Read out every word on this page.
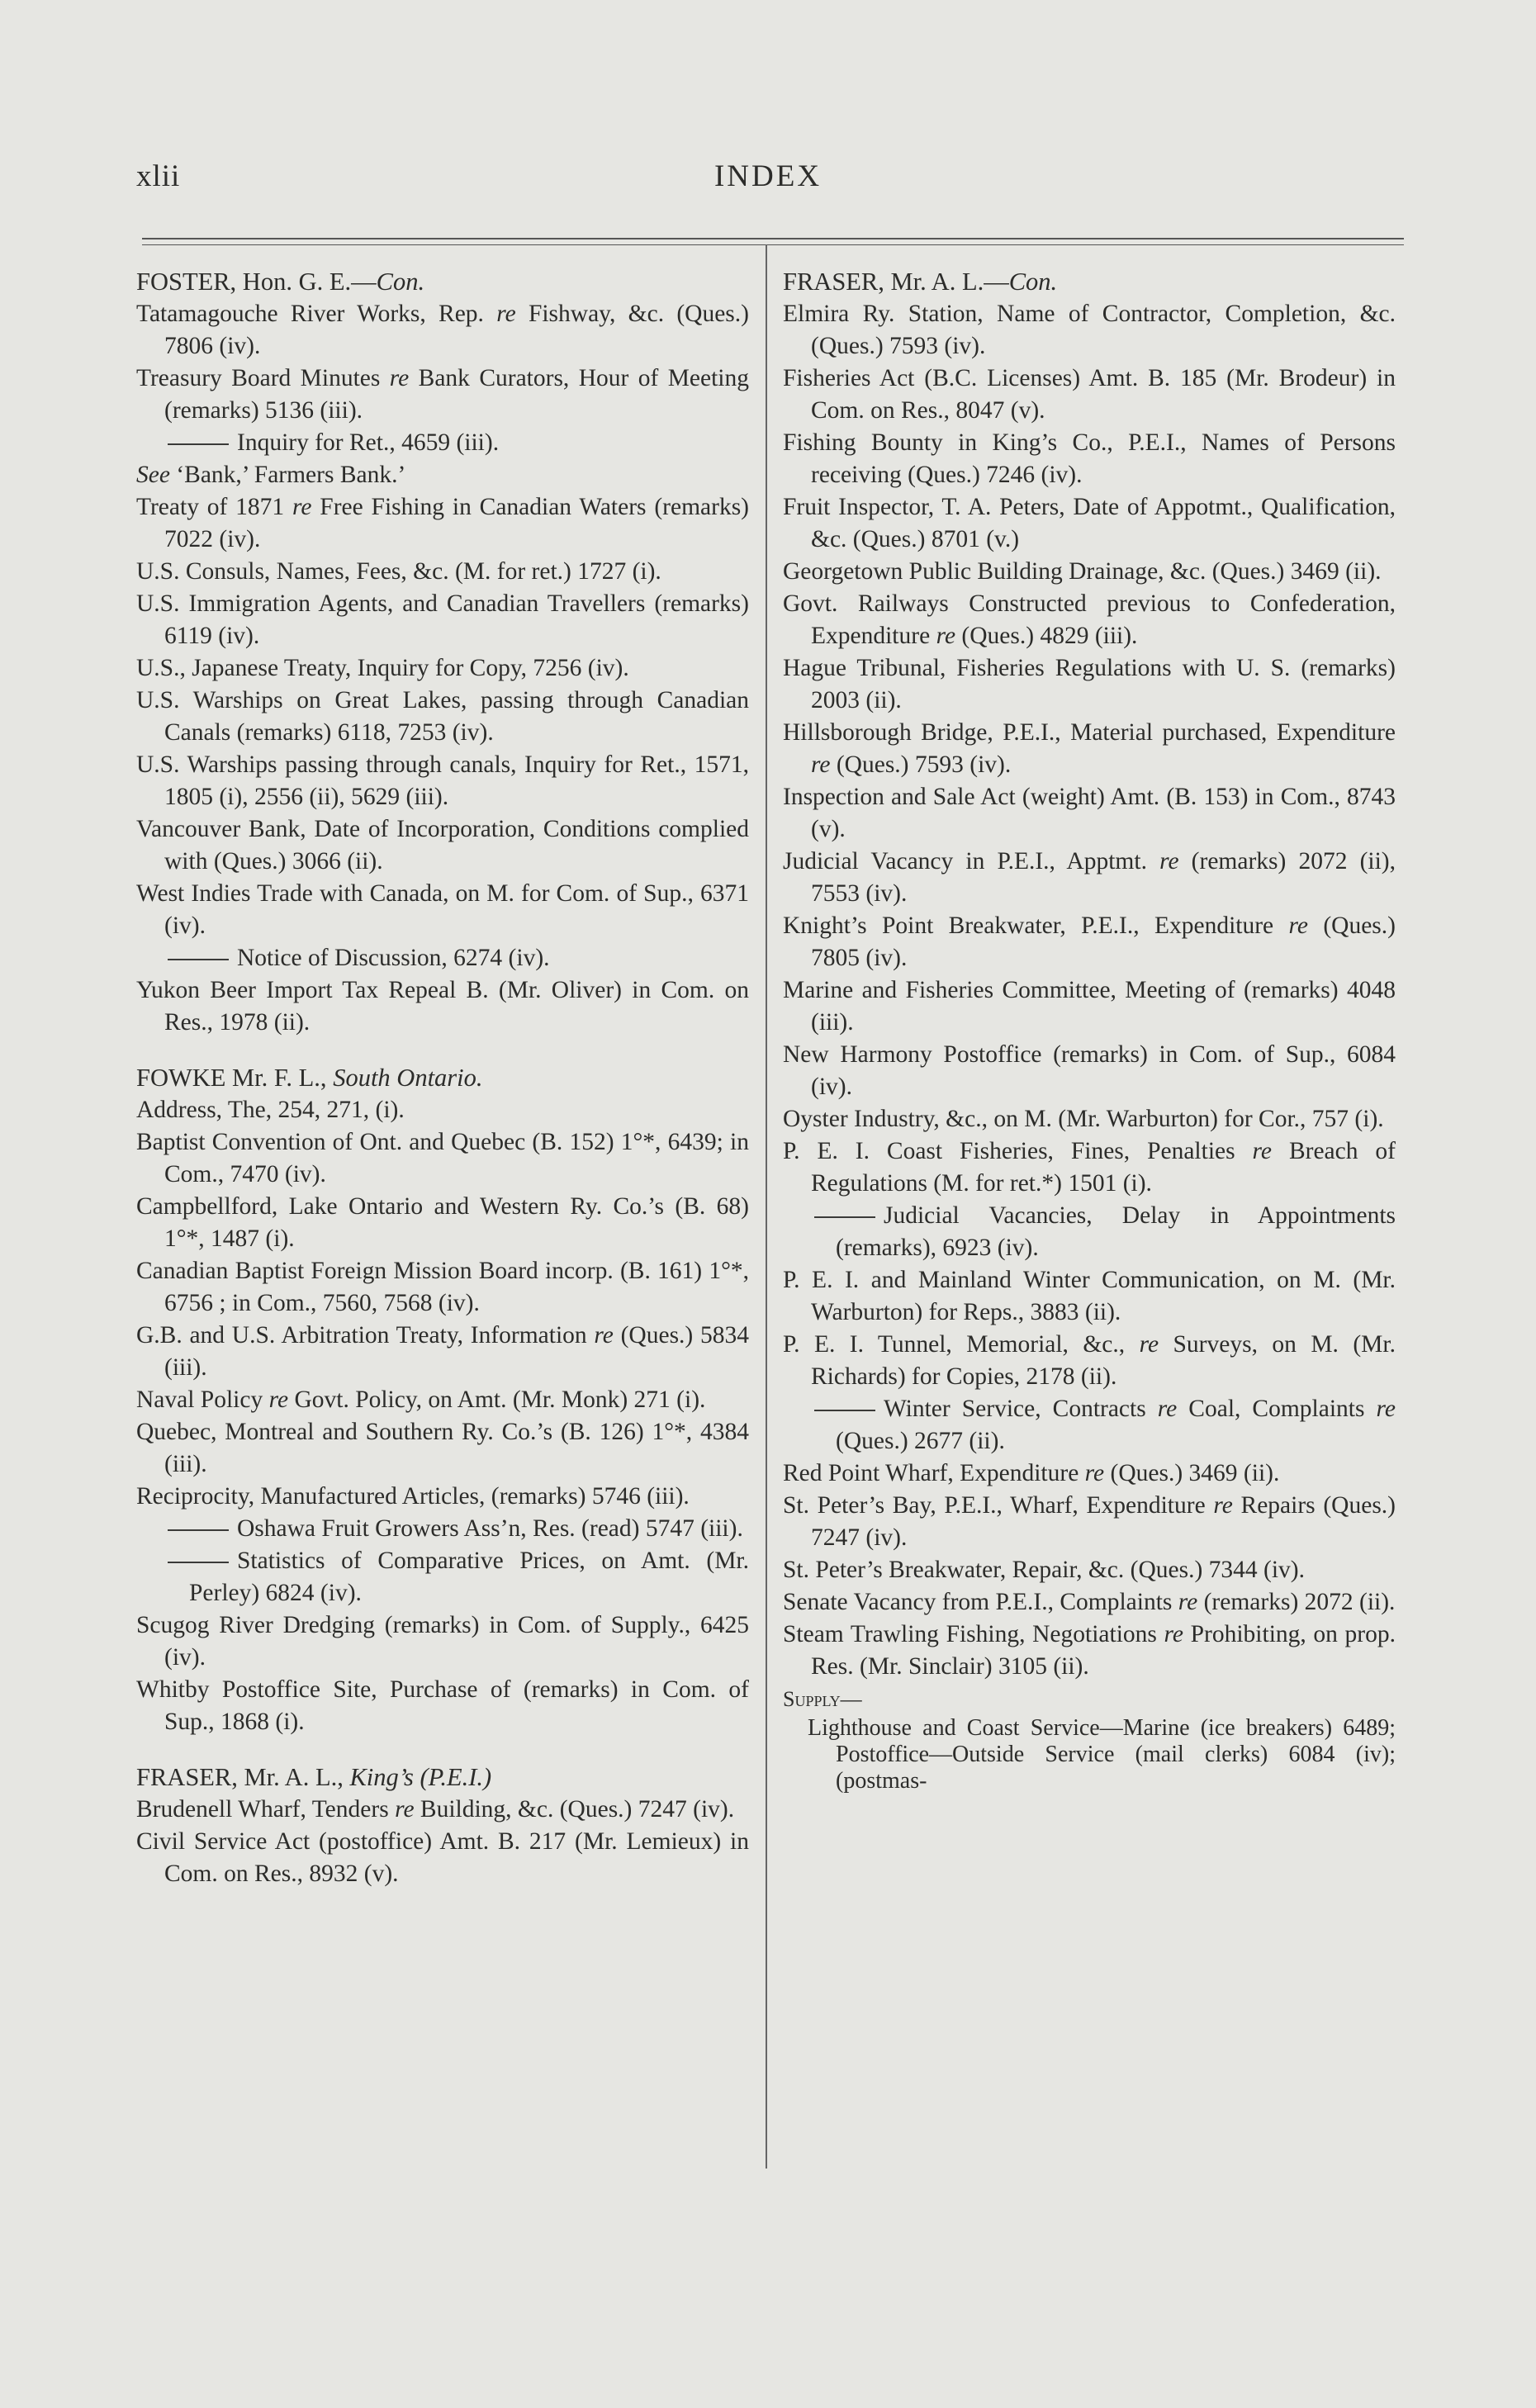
xlii	INDEX

FOSTER, Hon. G. E.—Con.

Tatamagouche River Works, Rep. re Fishway, &c. (Ques.) 7806 (iv).

Treasury Board Minutes re Bank Curators, Hour of Meeting (remarks) 5136 (iii).

Inquiry for Ret., 4659 (iii).

See ‘Bank,’ Farmers Bank.’

Treaty of 1871 re Free Fishing in Canadian Waters (remarks) 7022 (iv).

U.S. Consuls, Names, Fees, &c. (M. for ret.) 1727 (i).

U.S. Immigration Agents, and Canadian Travellers (remarks) 6119 (iv).

U.S., Japanese Treaty, Inquiry for Copy, 7256 (iv).

U.S. Warships on Great Lakes, passing through Canadian Canals (remarks) 6118, 7253 (iv).

U.S. Warships passing through canals, Inquiry for Ret., 1571, 1805 (i), 2556 (ii), 5629 (iii).

Vancouver Bank, Date of Incorporation, Conditions complied with (Ques.) 3066 (ii).

West Indies Trade with Canada, on M. for Com. of Sup., 6371 (iv).

Notice of Discussion, 6274 (iv).

Yukon Beer Import Tax Repeal B. (Mr. Oliver) in Com. on Res., 1978 (ii).

FOWKE Mr. F. L., South Ontario.

Address, The, 254, 271, (i).

Baptist Convention of Ont. and Quebec (B. 152) 1°*, 6439; in Com., 7470 (iv).

Campbellford, Lake Ontario and Western Ry. Co.’s (B. 68) 1°*, 1487 (i).

Canadian Baptist Foreign Mission Board incorp. (B. 161) 1°*, 6756 ; in Com., 7560, 7568 (iv).

G.B. and U.S. Arbitration Treaty, Information re (Ques.) 5834 (iii).

Naval Policy re Govt. Policy, on Amt. (Mr. Monk) 271 (i).

Quebec, Montreal and Southern Ry. Co.’s (B. 126) 1°*, 4384 (iii).

Reciprocity, Manufactured Articles, (remarks) 5746 (iii).

Oshawa Fruit Growers Ass’n, Res. (read) 5747 (iii).

Statistics of Comparative Prices, on Amt. (Mr. Perley) 6824 (iv).

Scugog River Dredging (remarks) in Com. of Supply., 6425 (iv).

Whitby Postoffice Site, Purchase of (remarks) in Com. of Sup., 1868 (i).

FRASER, Mr. A. L., King’s (P.E.I.)

Brudenell Wharf, Tenders re Building, &c. (Ques.) 7247 (iv).

Civil Service Act (postoffice) Amt. B. 217 (Mr. Lemieux) in Com. on Res., 8932 (v).

FRASER, Mr. A. L.—Con.

Elmira Ry. Station, Name of Contractor, Completion, &c. (Ques.) 7593 (iv).

Fisheries Act (B.C. Licenses) Amt. B. 185 (Mr. Brodeur) in Com. on Res., 8047 (v).

Fishing Bounty in King’s Co., P.E.I., Names of Persons receiving (Ques.) 7246 (iv).

Fruit Inspector, T. A. Peters, Date of Appotmt., Qualification, &c. (Ques.) 8701 (v.)

Georgetown Public Building Drainage, &c. (Ques.) 3469 (ii).

Govt. Railways Constructed previous to Confederation, Expenditure re (Ques.) 4829 (iii).

Hague Tribunal, Fisheries Regulations with U. S. (remarks) 2003 (ii).

Hillsborough Bridge, P.E.I., Material purchased, Expenditure re (Ques.) 7593 (iv).

Inspection and Sale Act (weight) Amt. (B. 153) in Com., 8743 (v).

Judicial Vacancy in P.E.I., Apptmt. re (remarks) 2072 (ii), 7553 (iv).

Knight’s Point Breakwater, P.E.I., Expenditure re (Ques.) 7805 (iv).

Marine and Fisheries Committee, Meeting of (remarks) 4048 (iii).

New Harmony Postoffice (remarks) in Com. of Sup., 6084 (iv).

Oyster Industry, &c., on M. (Mr. Warburton) for Cor., 757 (i).

P. E. I. Coast Fisheries, Fines, Penalties re Breach of Regulations (M. for ret.*) 1501 (i).

Judicial Vacancies, Delay in Appointments (remarks), 6923 (iv).

P. E. I. and Mainland Winter Communication, on M. (Mr. Warburton) for Reps., 3883 (ii).

P. E. I. Tunnel, Memorial, &c., re Surveys, on M. (Mr. Richards) for Copies, 2178 (ii).

Winter Service, Contracts re Coal, Complaints re (Ques.) 2677 (ii).

Red Point Wharf, Expenditure re (Ques.) 3469 (ii).

St. Peter’s Bay, P.E.I., Wharf, Expenditure re Repairs (Ques.) 7247 (iv).

St. Peter’s Breakwater, Repair, &c. (Ques.) 7344 (iv).

Senate Vacancy from P.E.I., Complaints re (remarks) 2072 (ii).

Steam Trawling Fishing, Negotiations re Prohibiting, on prop. Res. (Mr. Sinclair) 3105 (ii).

Supply—

Lighthouse and Coast Service—Marine (ice breakers) 6489; Postoffice—Outside Service (mail clerks) 6084 (iv); (postmas-
